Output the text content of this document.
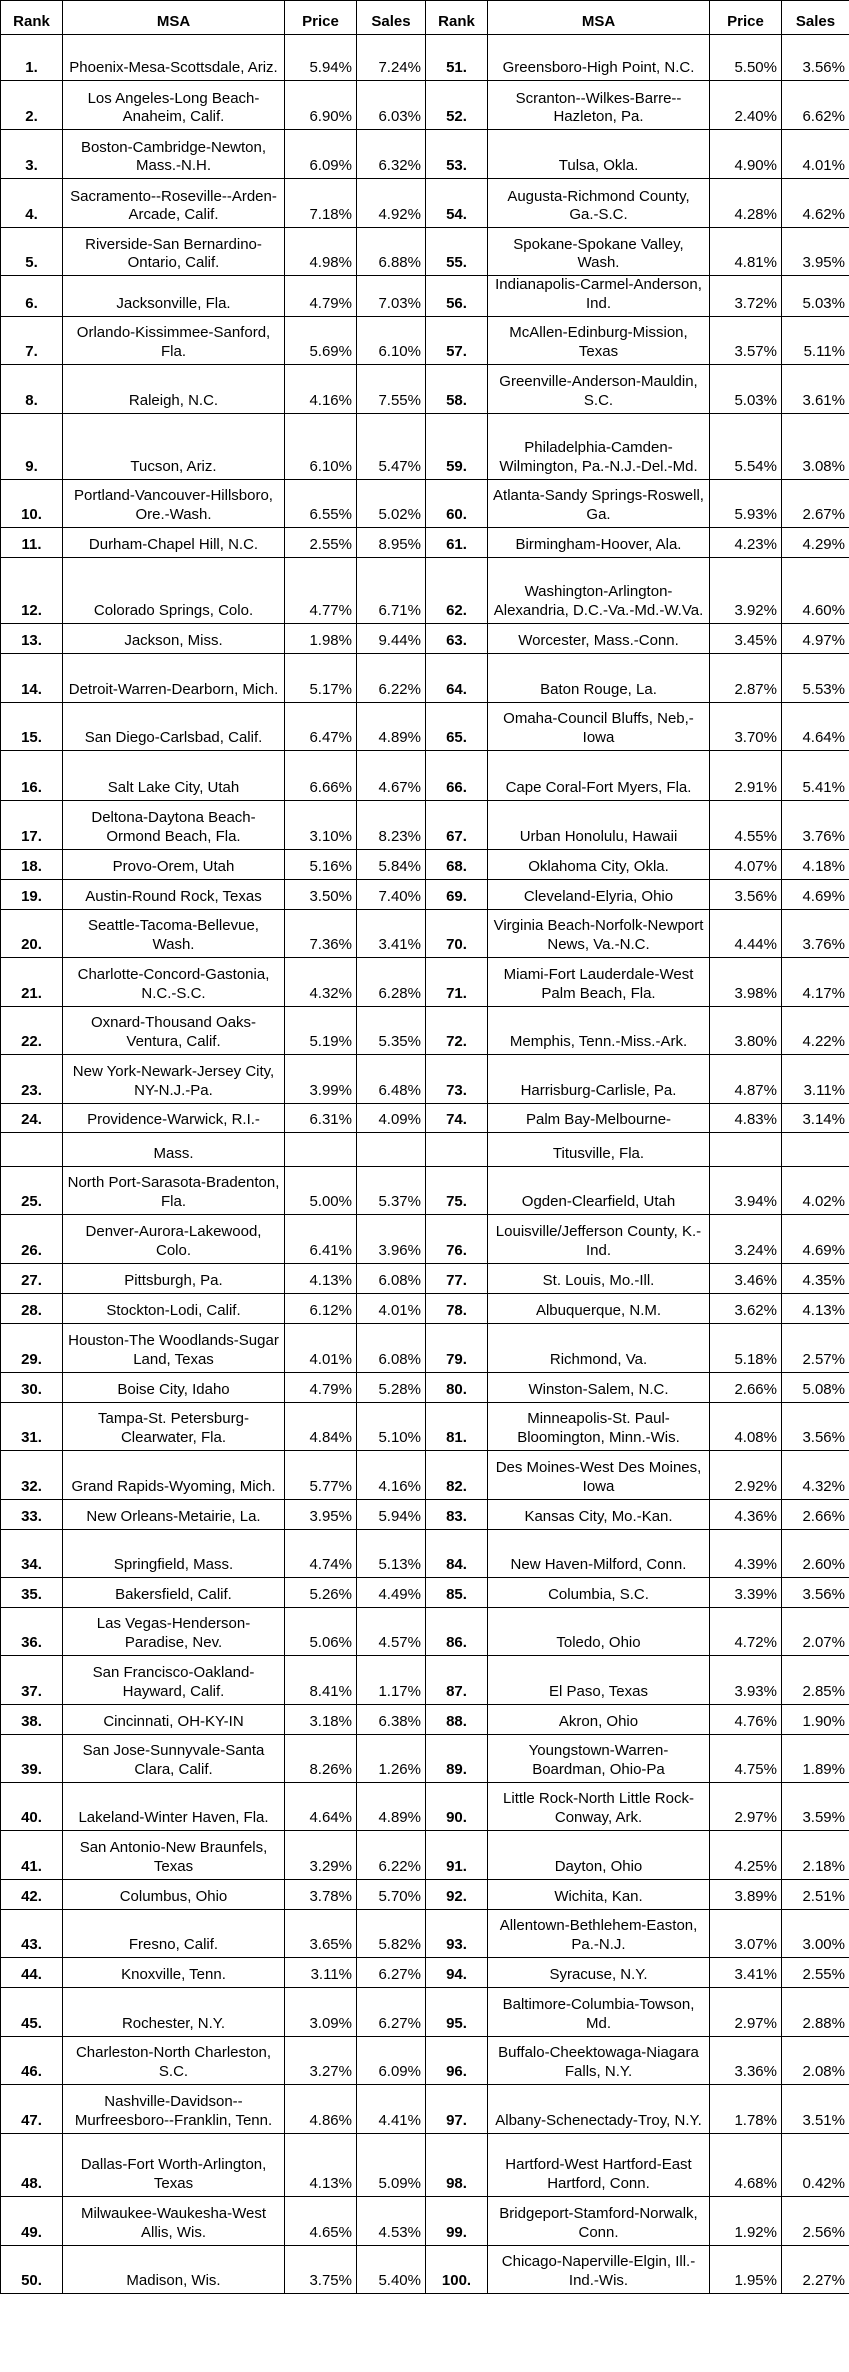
Rank	MSA	Price	Sales	Rank	MSA	Price	Sales
1.	Phoenix-Mesa-Scottsdale, Ariz.	5.94%	7.24%	51.	Greensboro-High Point, N.C.	5.50%	3.56%
2.	Los Angeles-Long Beach-Anaheim, Calif.	6.90%	6.03%	52.	Scranton--Wilkes-Barre--Hazleton, Pa.	2.40%	6.62%
3.	Boston-Cambridge-Newton, Mass.-N.H.	6.09%	6.32%	53.	Tulsa, Okla.	4.90%	4.01%
4.	Sacramento--Roseville--Arden-Arcade, Calif.	7.18%	4.92%	54.	Augusta-Richmond County, Ga.-S.C.	4.28%	4.62%
5.	Riverside-San Bernardino-Ontario, Calif.	4.98%	6.88%	55.	Spokane-Spokane Valley, Wash.	4.81%	3.95%
6.	Jacksonville, Fla.	4.79%	7.03%	56.	Indianapolis-Carmel-Anderson, Ind.	3.72%	5.03%
7.	Orlando-Kissimmee-Sanford, Fla.	5.69%	6.10%	57.	McAllen-Edinburg-Mission, Texas	3.57%	5.11%
8.	Raleigh, N.C.	4.16%	7.55%	58.	Greenville-Anderson-Mauldin, S.C.	5.03%	3.61%
9.	Tucson, Ariz.	6.10%	5.47%	59.	Philadelphia-Camden-Wilmington, Pa.-N.J.-Del.-Md.	5.54%	3.08%
10.	Portland-Vancouver-Hillsboro, Ore.-Wash.	6.55%	5.02%	60.	Atlanta-Sandy Springs-Roswell, Ga.	5.93%	2.67%
11.	Durham-Chapel Hill, N.C.	2.55%	8.95%	61.	Birmingham-Hoover, Ala.	4.23%	4.29%
12.	Colorado Springs, Colo.	4.77%	6.71%	62.	Washington-Arlington-Alexandria, D.C.-Va.-Md.-W.Va.	3.92%	4.60%
13.	Jackson, Miss.	1.98%	9.44%	63.	Worcester, Mass.-Conn.	3.45%	4.97%
14.	Detroit-Warren-Dearborn, Mich.	5.17%	6.22%	64.	Baton Rouge, La.	2.87%	5.53%
15.	San Diego-Carlsbad, Calif.	6.47%	4.89%	65.	Omaha-Council Bluffs, Neb,-Iowa	3.70%	4.64%
16.	Salt Lake City, Utah	6.66%	4.67%	66.	Cape Coral-Fort Myers, Fla.	2.91%	5.41%
17.	Deltona-Daytona Beach-Ormond Beach, Fla.	3.10%	8.23%	67.	Urban Honolulu, Hawaii	4.55%	3.76%
18.	Provo-Orem, Utah	5.16%	5.84%	68.	Oklahoma City, Okla.	4.07%	4.18%
19.	Austin-Round Rock, Texas	3.50%	7.40%	69.	Cleveland-Elyria, Ohio	3.56%	4.69%
20.	Seattle-Tacoma-Bellevue, Wash.	7.36%	3.41%	70.	Virginia Beach-Norfolk-Newport News, Va.-N.C.	4.44%	3.76%
21.	Charlotte-Concord-Gastonia, N.C.-S.C.	4.32%	6.28%	71.	Miami-Fort Lauderdale-West Palm Beach, Fla.	3.98%	4.17%
22.	Oxnard-Thousand Oaks-Ventura, Calif.	5.19%	5.35%	72.	Memphis, Tenn.-Miss.-Ark.	3.80%	4.22%
23.	New York-Newark-Jersey City, NY-N.J.-Pa.	3.99%	6.48%	73.	Harrisburg-Carlisle, Pa.	4.87%	3.11%
24.	Providence-Warwick, R.I.-	6.31%	4.09%	74.	Palm Bay-Melbourne-	4.83%	3.14%
	Mass.				Titusville, Fla.		
25.	North Port-Sarasota-Bradenton, Fla.	5.00%	5.37%	75.	Ogden-Clearfield, Utah	3.94%	4.02%
26.	Denver-Aurora-Lakewood, Colo.	6.41%	3.96%	76.	Louisville/Jefferson County, K.-Ind.	3.24%	4.69%
27.	Pittsburgh, Pa.	4.13%	6.08%	77.	St. Louis, Mo.-Ill.	3.46%	4.35%
28.	Stockton-Lodi, Calif.	6.12%	4.01%	78.	Albuquerque, N.M.	3.62%	4.13%
29.	Houston-The Woodlands-Sugar Land, Texas	4.01%	6.08%	79.	Richmond, Va.	5.18%	2.57%
30.	Boise City, Idaho	4.79%	5.28%	80.	Winston-Salem, N.C.	2.66%	5.08%
31.	Tampa-St. Petersburg-Clearwater, Fla.	4.84%	5.10%	81.	Minneapolis-St. Paul-Bloomington, Minn.-Wis.	4.08%	3.56%
32.	Grand Rapids-Wyoming, Mich.	5.77%	4.16%	82.	Des Moines-West Des Moines, Iowa	2.92%	4.32%
33.	New Orleans-Metairie, La.	3.95%	5.94%	83.	Kansas City, Mo.-Kan.	4.36%	2.66%
34.	Springfield, Mass.	4.74%	5.13%	84.	New Haven-Milford, Conn.	4.39%	2.60%
35.	Bakersfield, Calif.	5.26%	4.49%	85.	Columbia, S.C.	3.39%	3.56%
36.	Las Vegas-Henderson-Paradise, Nev.	5.06%	4.57%	86.	Toledo, Ohio	4.72%	2.07%
37.	San Francisco-Oakland-Hayward, Calif.	8.41%	1.17%	87.	El Paso, Texas	3.93%	2.85%
38.	Cincinnati, OH-KY-IN	3.18%	6.38%	88.	Akron, Ohio	4.76%	1.90%
39.	San Jose-Sunnyvale-Santa Clara, Calif.	8.26%	1.26%	89.	Youngstown-Warren-Boardman, Ohio-Pa	4.75%	1.89%
40.	Lakeland-Winter Haven, Fla.	4.64%	4.89%	90.	Little Rock-North Little Rock-Conway, Ark.	2.97%	3.59%
41.	San Antonio-New Braunfels, Texas	3.29%	6.22%	91.	Dayton, Ohio	4.25%	2.18%
42.	Columbus, Ohio	3.78%	5.70%	92.	Wichita, Kan.	3.89%	2.51%
43.	Fresno, Calif.	3.65%	5.82%	93.	Allentown-Bethlehem-Easton, Pa.-N.J.	3.07%	3.00%
44.	Knoxville, Tenn.	3.11%	6.27%	94.	Syracuse, N.Y.	3.41%	2.55%
45.	Rochester, N.Y.	3.09%	6.27%	95.	Baltimore-Columbia-Towson, Md.	2.97%	2.88%
46.	Charleston-North Charleston, S.C.	3.27%	6.09%	96.	Buffalo-Cheektowaga-Niagara Falls, N.Y.	3.36%	2.08%
47.	Nashville-Davidson--Murfreesboro--Franklin, Tenn.	4.86%	4.41%	97.	Albany-Schenectady-Troy, N.Y.	1.78%	3.51%
48.	Dallas-Fort Worth-Arlington, Texas	4.13%	5.09%	98.	Hartford-West Hartford-East Hartford, Conn.	4.68%	0.42%
49.	Milwaukee-Waukesha-West Allis, Wis.	4.65%	4.53%	99.	Bridgeport-Stamford-Norwalk, Conn.	1.92%	2.56%
50.	Madison, Wis.	3.75%	5.40%	100.	Chicago-Naperville-Elgin, Ill.-Ind.-Wis.	1.95%	2.27%
